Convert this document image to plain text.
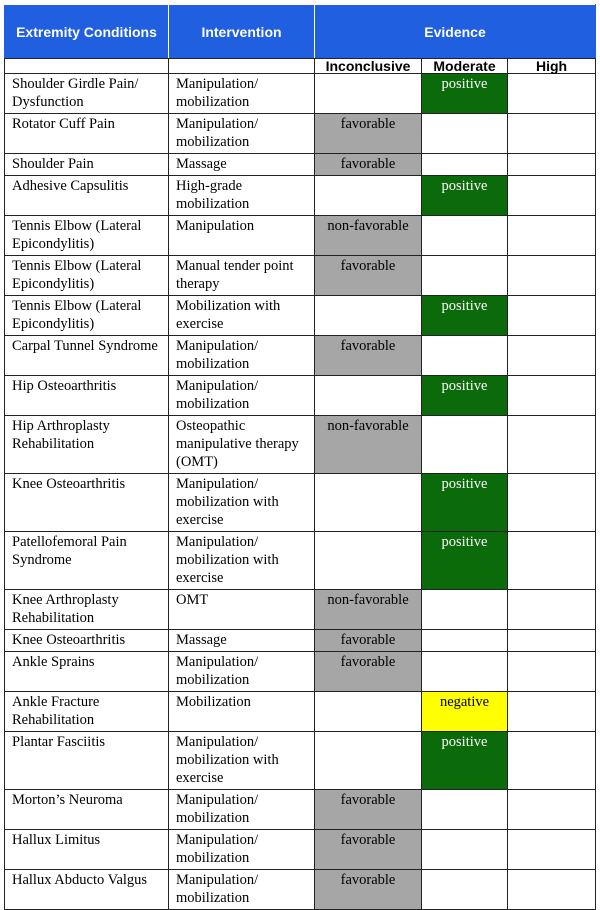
Extremity Conditions	Intervention	Evidence		
		Inconclusive	Moderate	High
Shoulder Girdle Pain/ Dysfunction	Manipulation/ mobilization		positive	
Rotator Cuff Pain	Manipulation/ mobilization	favorable		
Shoulder Pain	Massage	favorable		
Adhesive Capsulitis	High-grade mobilization		positive	
Tennis Elbow (Lateral Epicondylitis)	Manipulation	non-favorable		
Tennis Elbow (Lateral Epicondylitis)	Manual tender point therapy	favorable		
Tennis Elbow (Lateral Epicondylitis)	Mobilization with exercise		positive	
Carpal Tunnel Syndrome	Manipulation/ mobilization	favorable		
Hip Osteoarthritis	Manipulation/ mobilization		positive	
Hip Arthroplasty Rehabilitation	Osteopathic manipulative therapy (OMT)	non-favorable		
Knee Osteoarthritis	Manipulation/ mobilization with exercise		positive	
Patellofemoral Pain Syndrome	Manipulation/ mobilization with exercise		positive	
Knee Arthroplasty Rehabilitation	OMT	non-favorable		
Knee Osteoarthritis	Massage	favorable		
Ankle Sprains	Manipulation/ mobilization	favorable		
Ankle Fracture Rehabilitation	Mobilization		negative	
Plantar Fasciitis	Manipulation/ mobilization with exercise		positive	
Morton’s Neuroma	Manipulation/ mobilization	favorable		
Hallux Limitus	Manipulation/ mobilization	favorable		
Hallux Abducto Valgus	Manipulation/ mobilization	favorable		
